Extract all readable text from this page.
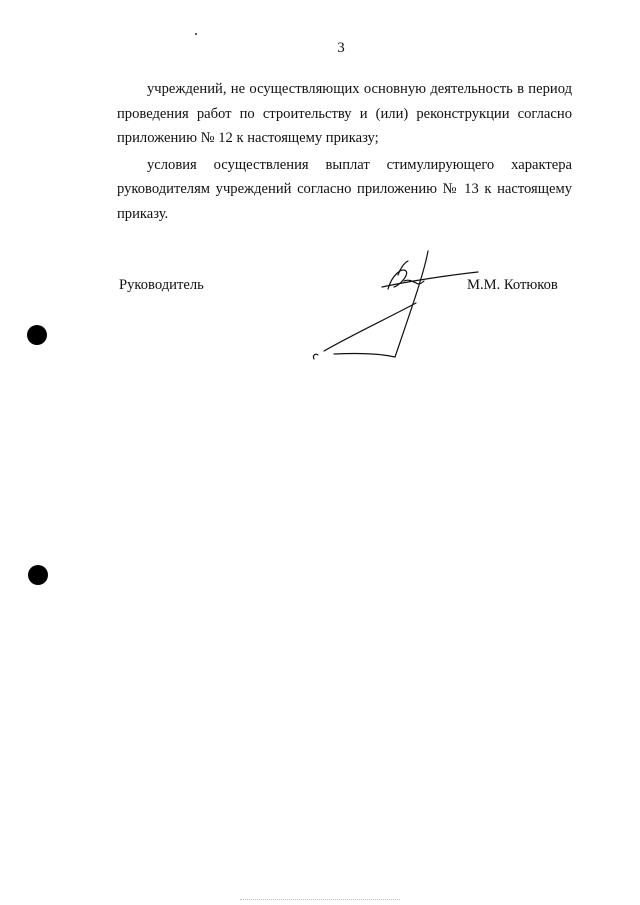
3

учреждений, не осуществляющих основную деятельность в период проведения работ по строительству и (или) реконструкции согласно приложению № 12 к настоящему приказу;

условия осуществления выплат стимулирующего характера руководителям учреждений согласно приложению № 13 к настоящему приказу.

Руководитель	М.М. Котюков
